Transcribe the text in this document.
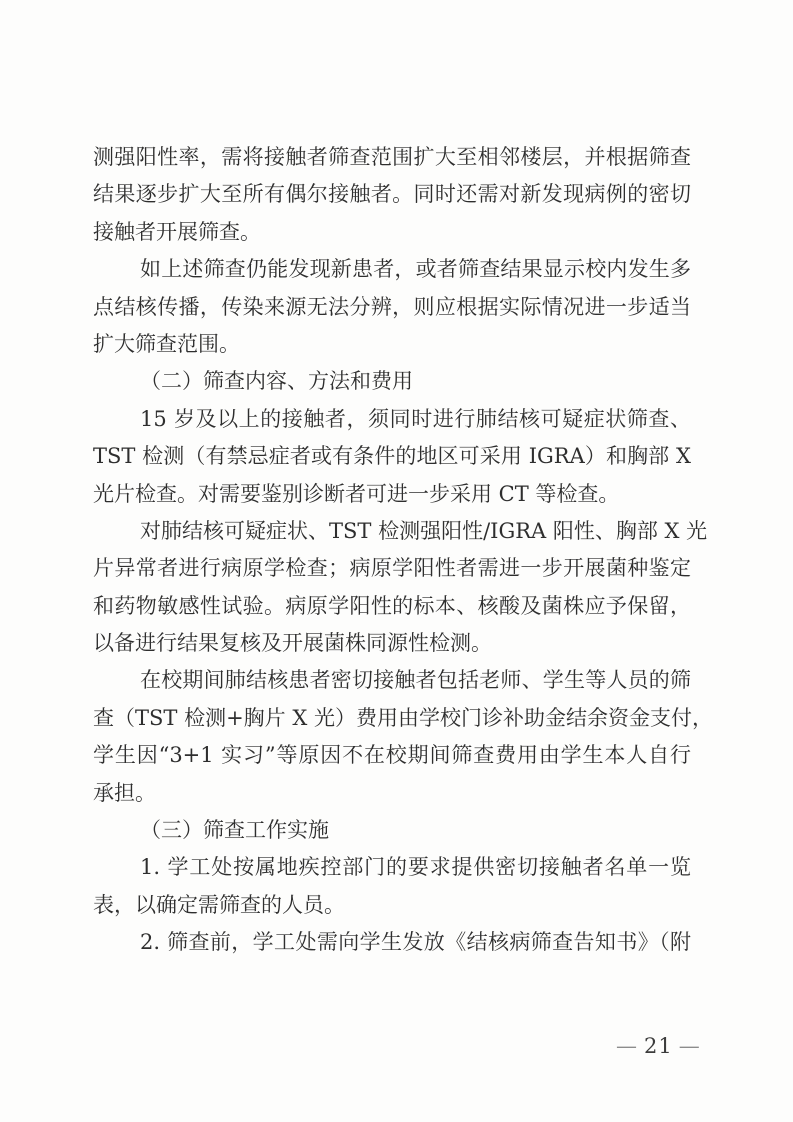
测强阳性率，需将接触者筛查范围扩大至相邻楼层，并根据筛查
结果逐步扩大至所有偶尔接触者。同时还需对新发现病例的密切
接触者开展筛查。
如上述筛查仍能发现新患者，或者筛查结果显示校内发生多
点结核传播，传染来源无法分辨，则应根据实际情况进一步适当
扩大筛查范围。
（二）筛查内容、方法和费用
15 岁及以上的接触者，须同时进行肺结核可疑症状筛查、
TST 检测（有禁忌症者或有条件的地区可采用 IGRA）和胸部 X
光片检查。对需要鉴别诊断者可进一步采用 CT 等检查。
对肺结核可疑症状、TST 检测强阳性/IGRA 阳性、胸部 X 光
片异常者进行病原学检查；病原学阳性者需进一步开展菌种鉴定
和药物敏感性试验。病原学阳性的标本、核酸及菌株应予保留，
以备进行结果复核及开展菌株同源性检测。
在校期间肺结核患者密切接触者包括老师、学生等人员的筛
查（TST 检测+胸片 X 光）费用由学校门诊补助金结余资金支付，
学生因“3+1 实习”等原因不在校期间筛查费用由学生本人自行
承担。
（三）筛查工作实施
1. 学工处按属地疾控部门的要求提供密切接触者名单一览
表，以确定需筛查的人员。
2. 筛查前，学工处需向学生发放《结核病筛查告知书》（附
— 21 —
